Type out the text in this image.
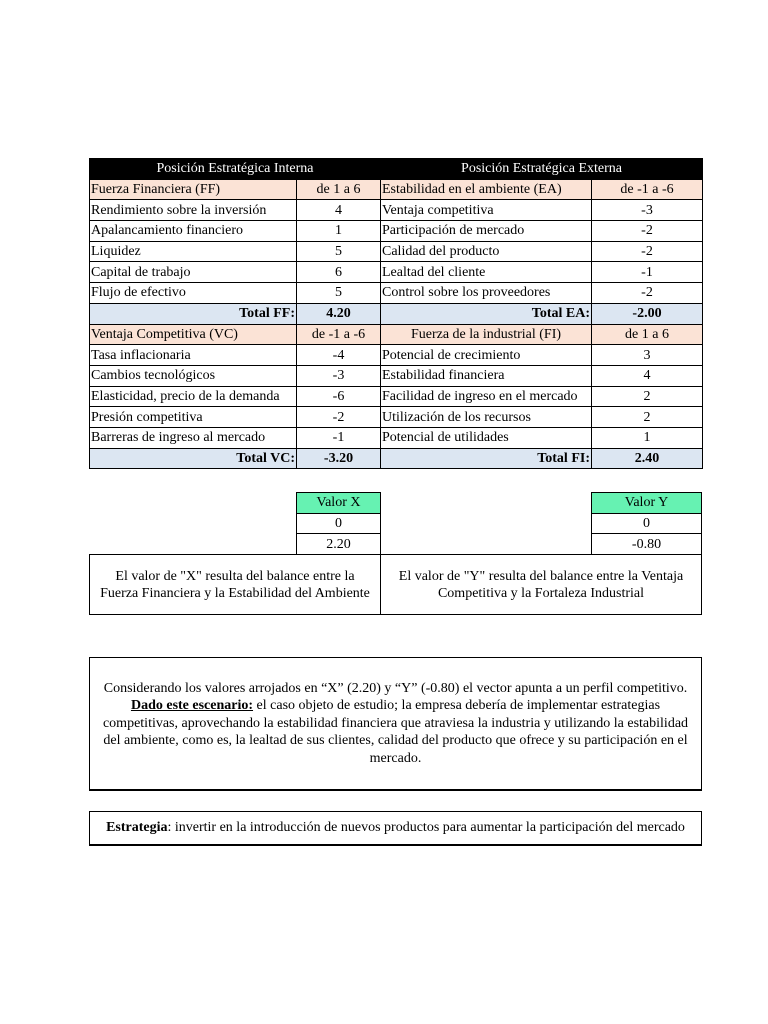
Posición Estratégica Interna		Posición Estratégica Externa	
Fuerza Financiera (FF)	de 1 a 6	Estabilidad en el ambiente (EA)	de -1 a -6
Rendimiento sobre la inversión	4	Ventaja competitiva	-3
Apalancamiento financiero	1	Participación de mercado	-2
Liquidez	5	Calidad del producto	-2
Capital de trabajo	6	Lealtad del cliente	-1
Flujo de efectivo	5	Control sobre los proveedores	-2
Total FF:	4.20	Total EA:	-2.00
Ventaja Competitiva (VC)	de -1 a -6	Fuerza de la industrial (FI)	de 1 a 6
Tasa inflacionaria	-4	Potencial de crecimiento	3
Cambios tecnológicos	-3	Estabilidad financiera	4
Elasticidad, precio de la demanda	-6	Facilidad de ingreso en el mercado	2
Presión competitiva	-2	Utilización de los recursos	2
Barreras de ingreso al mercado	-1	Potencial de utilidades	1
Total VC:	-3.20	Total FI:	2.40
Valor X
0
2.20
Valor Y
0
-0.80
El valor de "X" resulta del balance entre la Fuerza Financiera y la Estabilidad del Ambiente
El valor de "Y" resulta del balance entre la Ventaja Competitiva y la Fortaleza Industrial
Considerando los valores arrojados en “X” (2.20) y “Y” (-0.80) el vector apunta a un perfil competitivo.
Dado este escenario: el caso objeto de estudio; la empresa debería de implementar estrategias competitivas, aprovechando la estabilidad financiera que atraviesa la industria y utilizando la estabilidad del ambiente, como es, la lealtad de sus clientes, calidad del producto que ofrece y su participación en el mercado.
Estrategia: invertir en la introducción de nuevos productos para aumentar la participación del mercado
